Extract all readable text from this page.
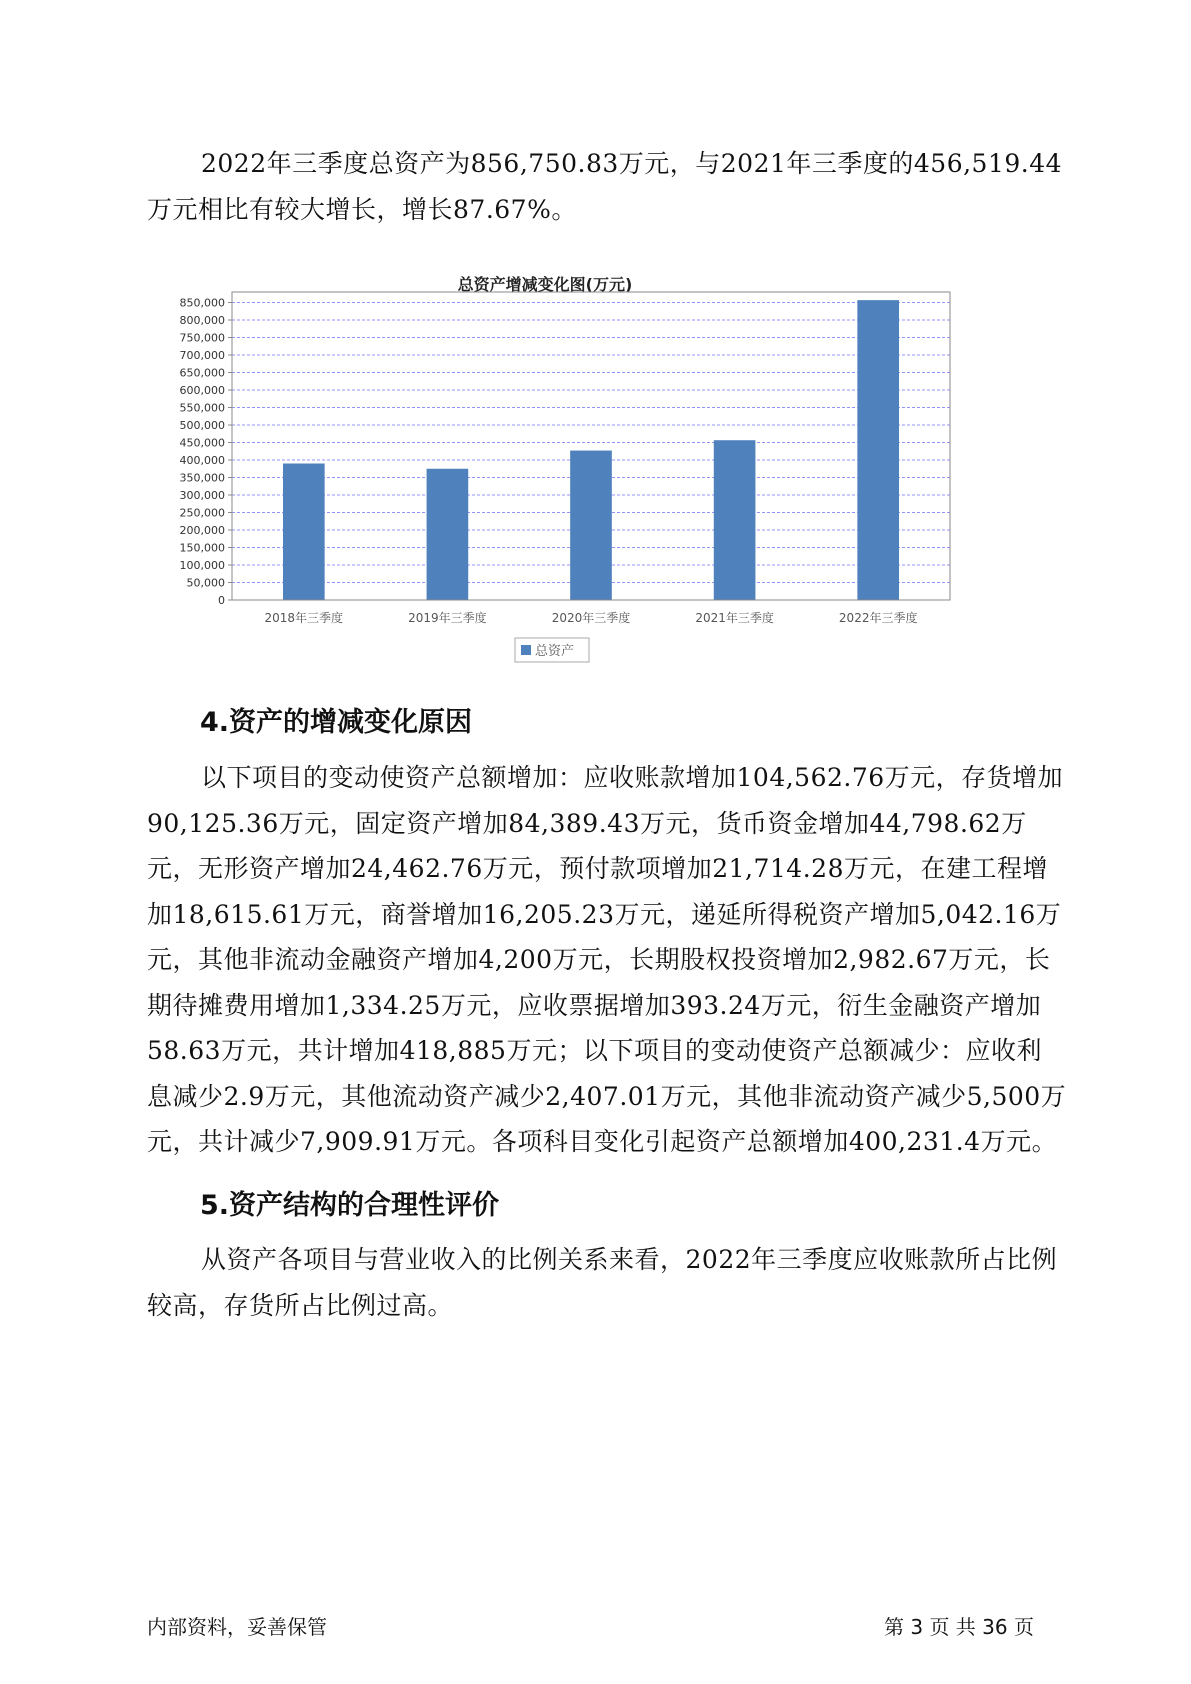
2022年三季度总资产为856,750.83万元，与2021年三季度的456,519.44万元相比有较大增长，增长87.67%。

总资产增减变化图(万元)
0
50,000
100,000
150,000
200,000
250,000
300,000
350,000
400,000
450,000
500,000
550,000
600,000
650,000
700,000
750,000
800,000
850,000
2018年三季度	2019年三季度	2020年三季度	2021年三季度	2022年三季度
总资产
4.资产的增减变化原因

以下项目的变动使资产总额增加：应收账款增加104,562.76万元，存货增加90,125.36万元，固定资产增加84,389.43万元，货币资金增加44,798.62万元，无形资产增加24,462.76万元，预付款项增加21,714.28万元，在建工程增加18,615.61万元，商誉增加16,205.23万元，递延所得税资产增加5,042.16万元，其他非流动金融资产增加4,200万元，长期股权投资增加2,982.67万元，长期待摊费用增加1,334.25万元，应收票据增加393.24万元，衍生金融资产增加58.63万元，共计增加418,885万元；以下项目的变动使资产总额减少：应收利息减少2.9万元，其他流动资产减少2,407.01万元，其他非流动资产减少5,500万元，共计减少7,909.91万元。各项科目变化引起资产总额增加400,231.4万元。

5.资产结构的合理性评价

从资产各项目与营业收入的比例关系来看，2022年三季度应收账款所占比例较高，存货所占比例过高。

内部资料，妥善保管	第 3 页 共 36 页
